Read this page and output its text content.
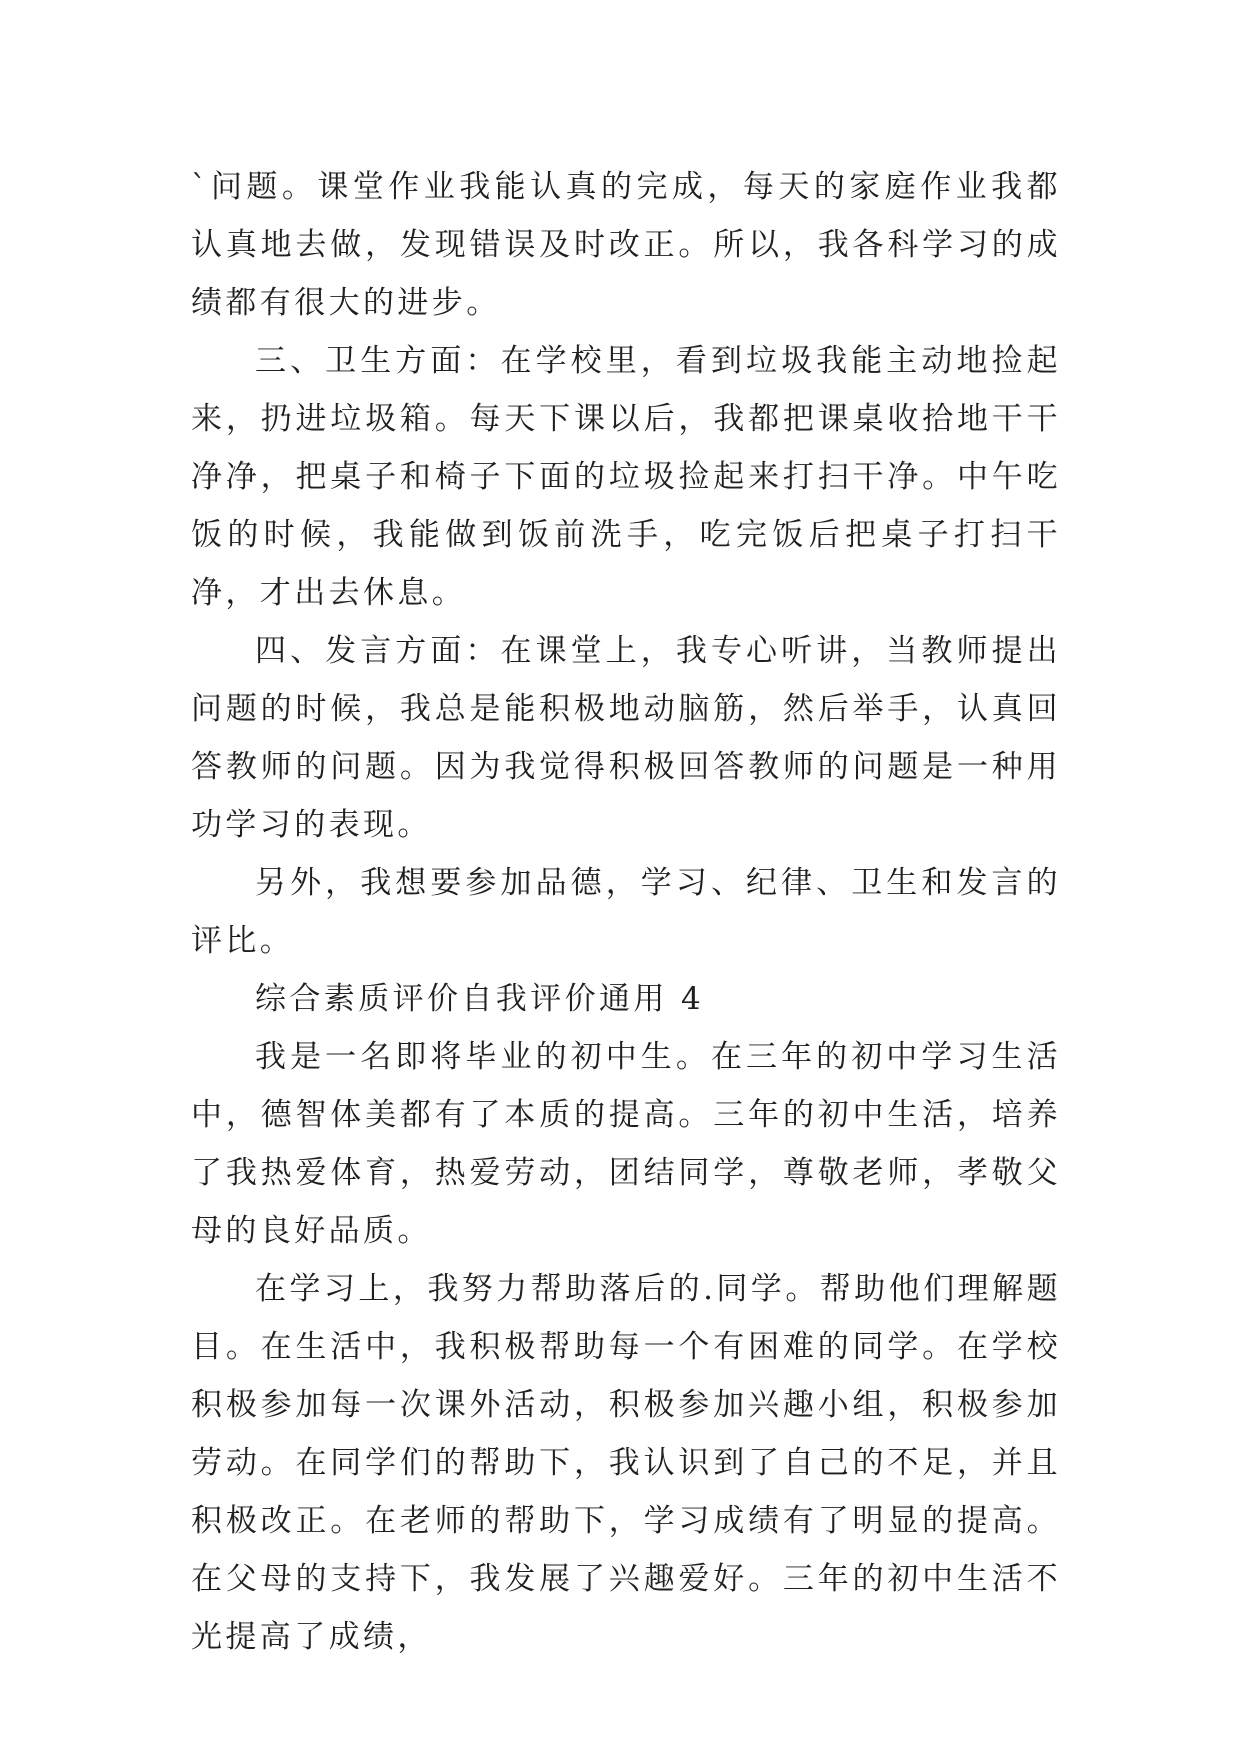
`问题。课堂作业我能认真的完成，每天的家庭作业我都认真地去做，发现错误及时改正。所以，我各科学习的成绩都有很大的进步。

三、卫生方面：在学校里，看到垃圾我能主动地捡起来，扔进垃圾箱。每天下课以后，我都把课桌收拾地干干净净，把桌子和椅子下面的垃圾捡起来打扫干净。中午吃饭的时候，我能做到饭前洗手，吃完饭后把桌子打扫干净，才出去休息。

四、发言方面：在课堂上，我专心听讲，当教师提出问题的时候，我总是能积极地动脑筋，然后举手，认真回答教师的问题。因为我觉得积极回答教师的问题是一种用功学习的表现。

另外，我想要参加品德，学习、纪律、卫生和发言的评比。

综合素质评价自我评价通用 4

我是一名即将毕业的初中生。在三年的初中学习生活中，德智体美都有了本质的提高。三年的初中生活，培养了我热爱体育，热爱劳动，团结同学，尊敬老师，孝敬父母的良好品质。

在学习上，我努力帮助落后的.同学。帮助他们理解题目。在生活中，我积极帮助每一个有困难的同学。在学校积极参加每一次课外活动，积极参加兴趣小组，积极参加劳动。在同学们的帮助下，我认识到了自己的不足，并且积极改正。在老师的帮助下，学习成绩有了明显的提高。在父母的支持下，我发展了兴趣爱好。三年的初中生活不光提高了成绩，
